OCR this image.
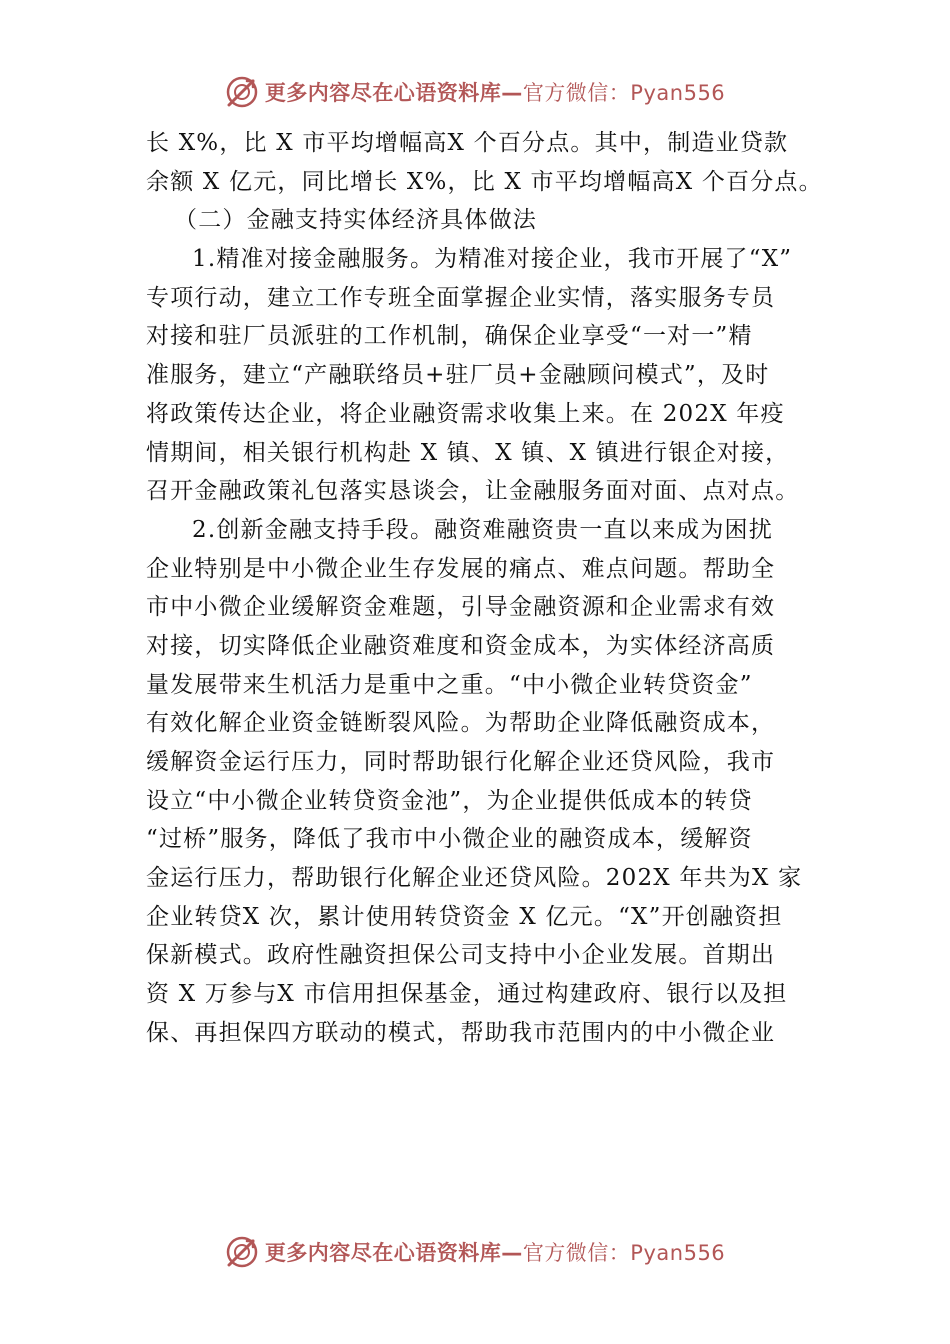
更多内容尽在心语资料库—官方微信：Pyan556
长 X%，比 X 市平均增幅高X 个百分点。其中，制造业贷款
余额 X 亿元，同比增长 X%，比 X 市平均增幅高X 个百分点。
（二）金融支持实体经济具体做法
1.精准对接金融服务。为精准对接企业，我市开展了“X”
专项行动，建立工作专班全面掌握企业实情，落实服务专员
对接和驻厂员派驻的工作机制，确保企业享受“一对一”精
准服务，建立“产融联络员+驻厂员+金融顾问模式”，及时
将政策传达企业，将企业融资需求收集上来。在 202X 年疫
情期间，相关银行机构赴 X 镇、X 镇、X 镇进行银企对接，
召开金融政策礼包落实恳谈会，让金融服务面对面、点对点。
2.创新金融支持手段。融资难融资贵一直以来成为困扰
企业特别是中小微企业生存发展的痛点、难点问题。帮助全
市中小微企业缓解资金难题，引导金融资源和企业需求有效
对接，切实降低企业融资难度和资金成本，为实体经济高质
量发展带来生机活力是重中之重。“中小微企业转贷资金”
有效化解企业资金链断裂风险。为帮助企业降低融资成本，
缓解资金运行压力，同时帮助银行化解企业还贷风险，我市
设立“中小微企业转贷资金池”，为企业提供低成本的转贷
“过桥”服务，降低了我市中小微企业的融资成本，缓解资
金运行压力，帮助银行化解企业还贷风险。202X 年共为X 家
企业转贷X 次，累计使用转贷资金 X 亿元。“X”开创融资担
保新模式。政府性融资担保公司支持中小企业发展。首期出
资 X 万参与X 市信用担保基金，通过构建政府、银行以及担
保、再担保四方联动的模式，帮助我市范围内的中小微企业
更多内容尽在心语资料库—官方微信：Pyan556
